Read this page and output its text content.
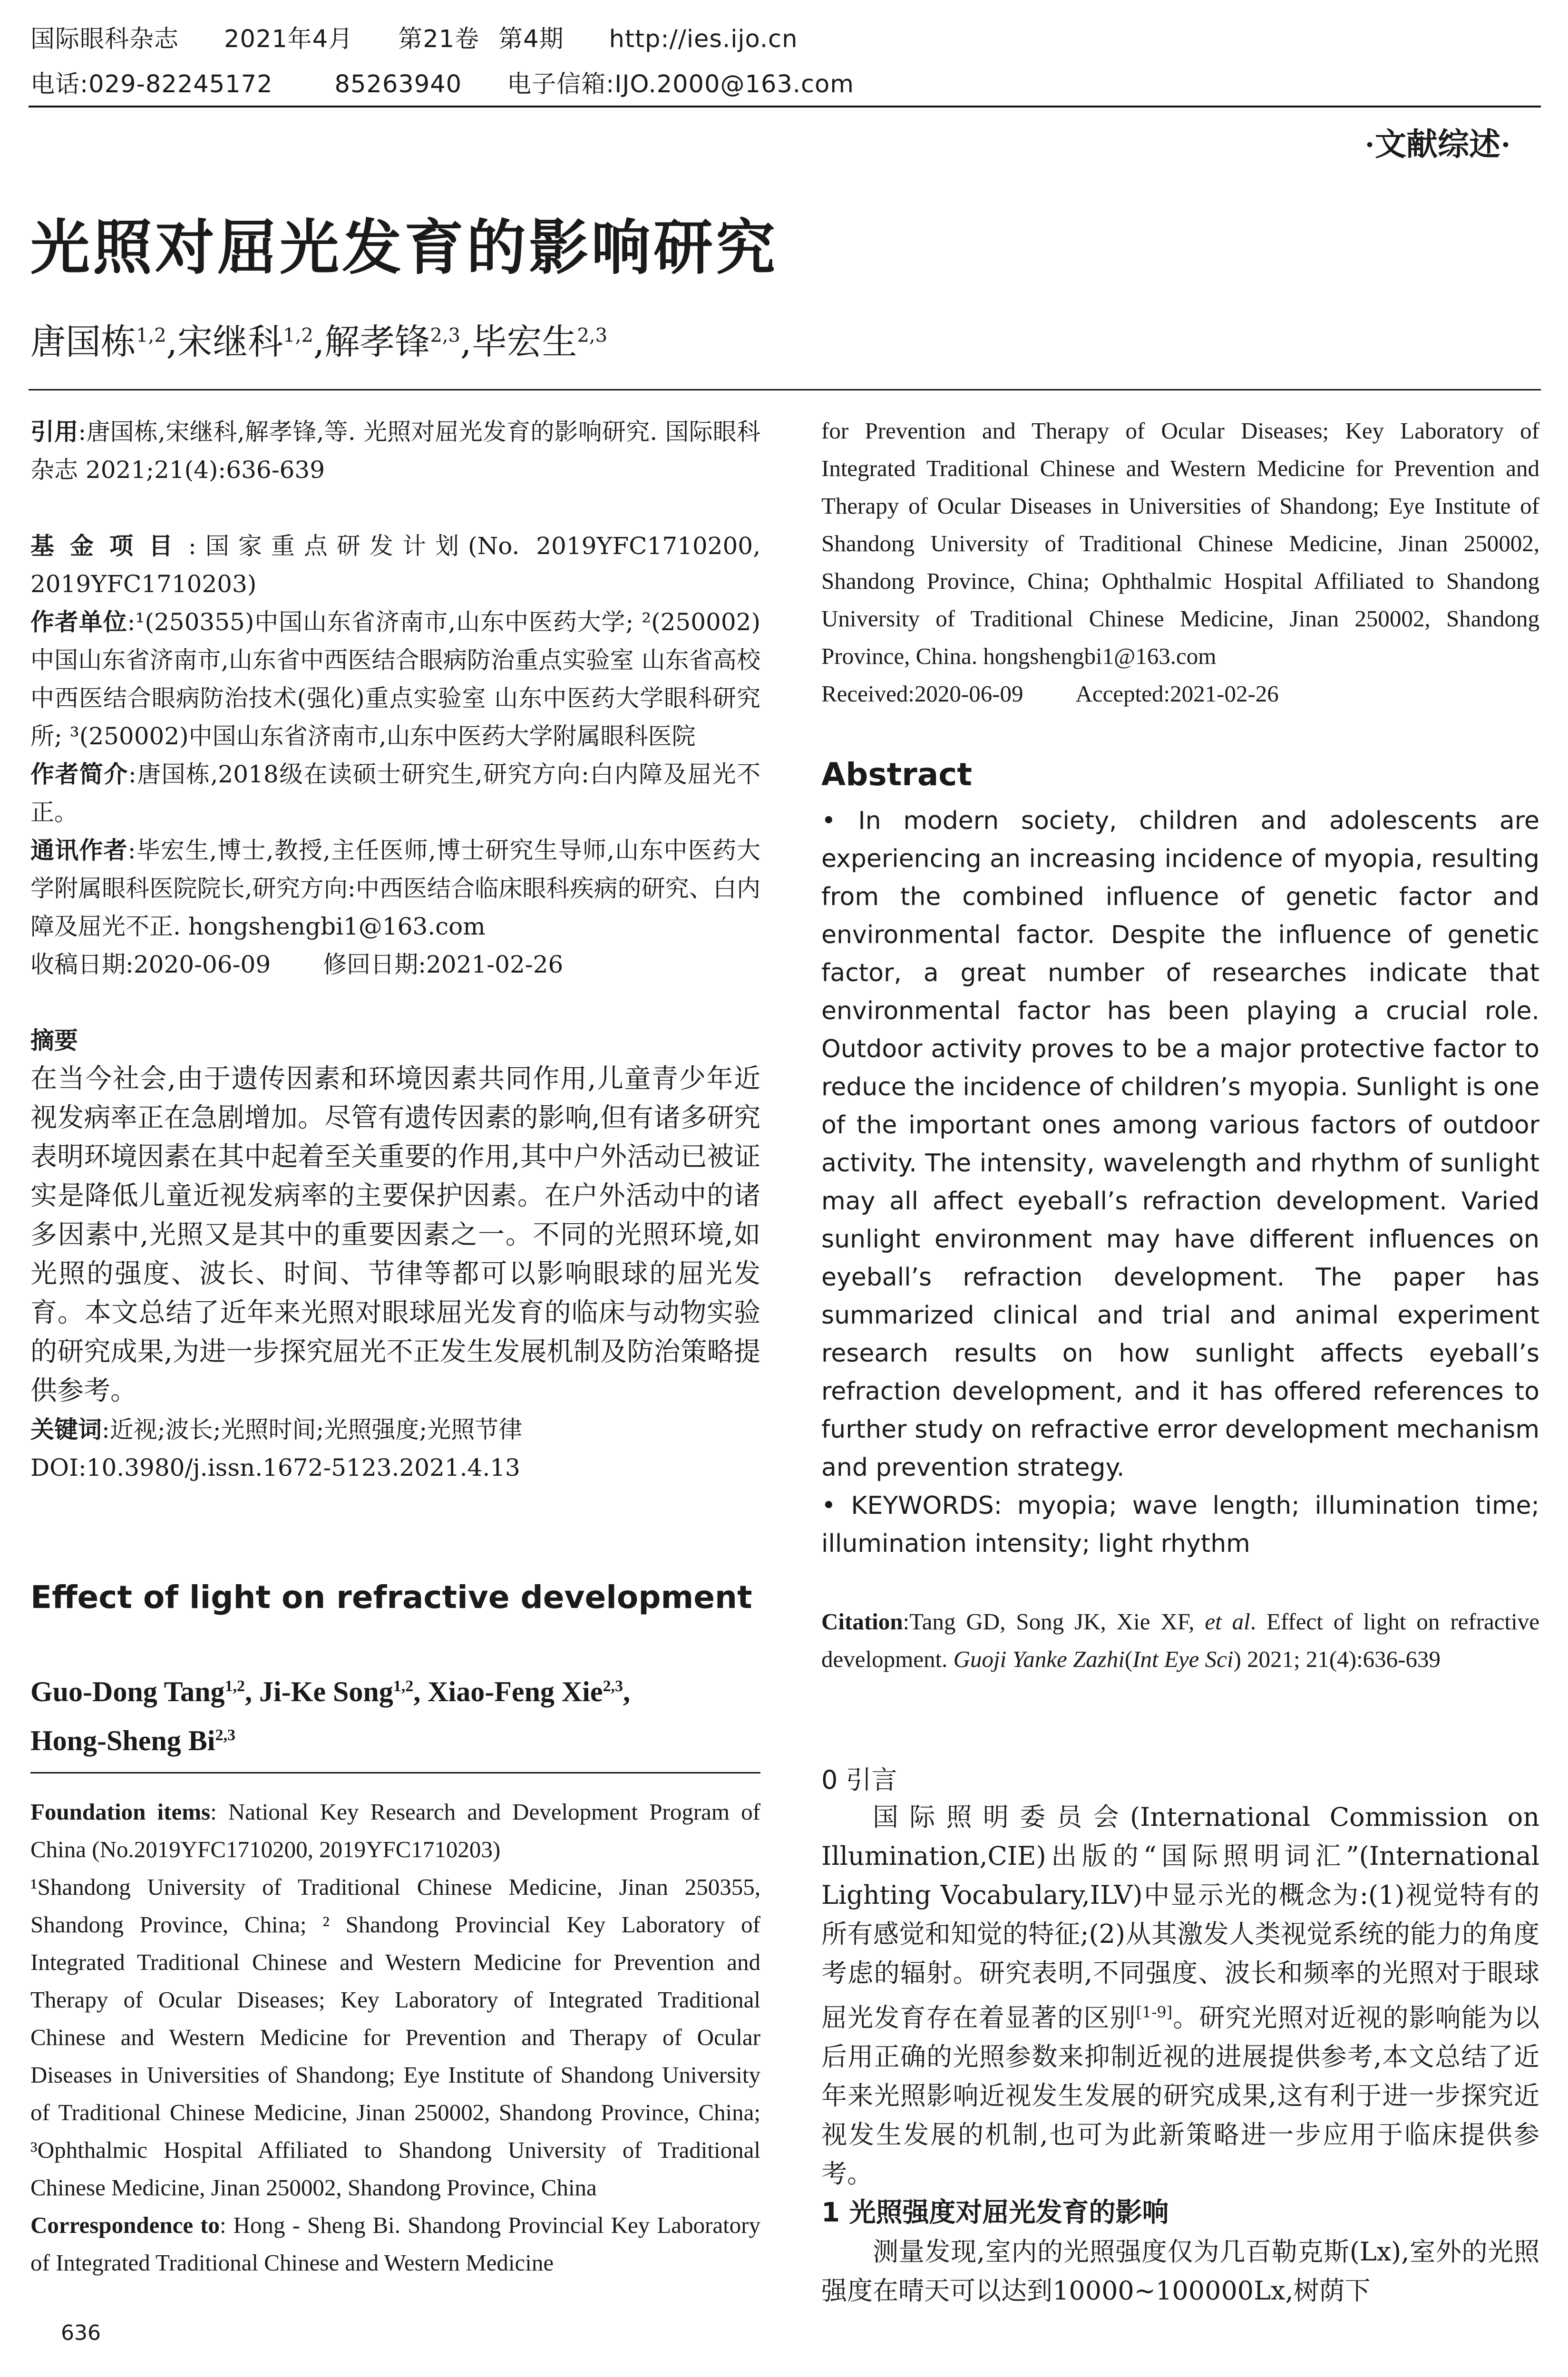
国际眼科杂志 2021年4月 第21卷 第4期 http://ies.ijo.cn
电话:029-82245172	85263940 电子信箱:IJO.2000@163.com
·文献综述·
光照对屈光发育的影响研究
唐国栋$^{1,2}$,宋继科$^{1,2}$,解孝锋$^{2,3}$,毕宏生$^{2,3}$

引用:唐国栋,宋继科,解孝锋,等. 光照对屈光发育的影响研究. 国际眼科杂志 2021;21(4):636-639

基金项目:国家重点研发计划(No. 2019YFC1710200, 2019YFC1710203)

作者单位:¹(250355)中国山东省济南市,山东中医药大学; ²(250002)中国山东省济南市,山东省中西医结合眼病防治重点实验室 山东省高校中西医结合眼病防治技术(强化)重点实验室 山东中医药大学眼科研究所; ³(250002)中国山东省济南市,山东中医药大学附属眼科医院

作者简介:唐国栋,2018级在读硕士研究生,研究方向:白内障及屈光不正。

通讯作者:毕宏生,博士,教授,主任医师,博士研究生导师,山东中医药大学附属眼科医院院长,研究方向:中西医结合临床眼科疾病的研究、白内障及屈光不正. hongshengbi1@163.com

收稿日期:2020-06-09 修回日期:2021-02-26

摘要

在当今社会,由于遗传因素和环境因素共同作用,儿童青少年近视发病率正在急剧增加。尽管有遗传因素的影响,但有诸多研究表明环境因素在其中起着至关重要的作用,其中户外活动已被证实是降低儿童近视发病率的主要保护因素。在户外活动中的诸多因素中,光照又是其中的重要因素之一。不同的光照环境,如光照的强度、波长、时间、节律等都可以影响眼球的屈光发育。本文总结了近年来光照对眼球屈光发育的临床与动物实验的研究成果,为进一步探究屈光不正发生发展机制及防治策略提供参考。

关键词:近视;波长;光照时间;光照强度;光照节律

DOI:10.3980/j.issn.1672-5123.2021.4.13

Effect of light on refractive development
Guo-Dong Tang$^{1,2}$, Ji-Ke Song$^{1,2}$, Xiao-Feng Xie$^{2,3}$,
Hong-Sheng Bi$^{2,3}$

Foundation items: National Key Research and Development Program of China (No.2019YFC1710200, 2019YFC1710203)

¹Shandong University of Traditional Chinese Medicine, Jinan 250355, Shandong Province, China; ² Shandong Provincial Key Laboratory of Integrated Traditional Chinese and Western Medicine for Prevention and Therapy of Ocular Diseases; Key Laboratory of Integrated Traditional Chinese and Western Medicine for Prevention and Therapy of Ocular Diseases in Universities of Shandong; Eye Institute of Shandong University of Traditional Chinese Medicine, Jinan 250002, Shandong Province, China; ³Ophthalmic Hospital Affiliated to Shandong University of Traditional Chinese Medicine, Jinan 250002, Shandong Province, China

Correspondence to: Hong - Sheng Bi. Shandong Provincial Key Laboratory of Integrated Traditional Chinese and Western Medicine

636

for Prevention and Therapy of Ocular Diseases; Key Laboratory of Integrated Traditional Chinese and Western Medicine for Prevention and Therapy of Ocular Diseases in Universities of Shandong; Eye Institute of Shandong University of Traditional Chinese Medicine, Jinan 250002, Shandong Province, China; Ophthalmic Hospital Affiliated to Shandong University of Traditional Chinese Medicine, Jinan 250002, Shandong Province, China. hongshengbi1@163.com

Received:2020-06-09 Accepted:2021-02-26

Abstract

• In modern society, children and adolescents are experiencing an increasing incidence of myopia, resulting from the combined influence of genetic factor and environmental factor. Despite the influence of genetic factor, a great number of researches indicate that environmental factor has been playing a crucial role. Outdoor activity proves to be a major protective factor to reduce the incidence of children’s myopia. Sunlight is one of the important ones among various factors of outdoor activity. The intensity, wavelength and rhythm of sunlight may all affect eyeball’s refraction development. Varied sunlight environment may have different influences on eyeball’s refraction development. The paper has summarized clinical and trial and animal experiment research results on how sunlight affects eyeball’s refraction development, and it has offered references to further study on refractive error development mechanism and prevention strategy.

• KEYWORDS: myopia; wave length; illumination time; illumination intensity; light rhythm

Citation:Tang GD, Song JK, Xie XF, et al. Effect of light on refractive development. Guoji Yanke Zazhi(Int Eye Sci) 2021; 21(4):636-639

0 引言

国际照明委员会(International Commission on Illumination,CIE)出版的“国际照明词汇”(International Lighting Vocabulary,ILV)中显示光的概念为:(1)视觉特有的所有感觉和知觉的特征;(2)从其激发人类视觉系统的能力的角度考虑的辐射。研究表明,不同强度、波长和频率的光照对于眼球屈光发育存在着显著的区别[1-9]。研究光照对近视的影响能为以后用正确的光照参数来抑制近视的进展提供参考,本文总结了近年来光照影响近视发生发展的研究成果,这有利于进一步探究近视发生发展的机制,也可为此新策略进一步应用于临床提供参考。

1 光照强度对屈光发育的影响

测量发现,室内的光照强度仅为几百勒克斯(Lx),室外的光照强度在晴天可以达到10000~100000Lx,树荫下
